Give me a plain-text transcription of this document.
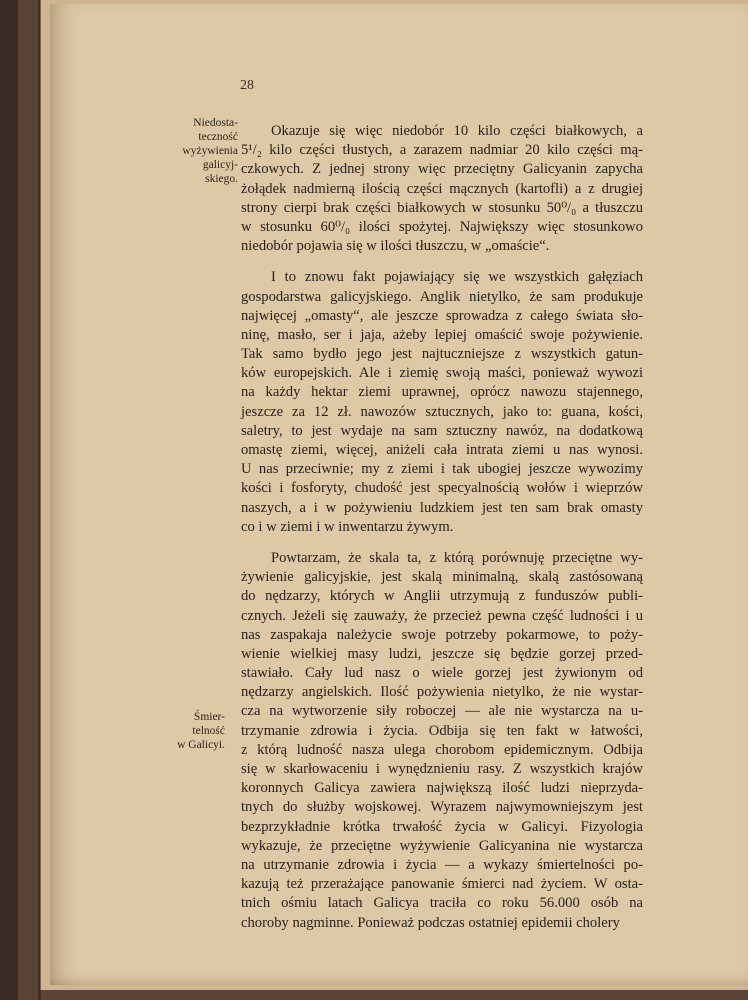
28
Niedosta-
teczność
wyżywienia
galicyj-
skiego.
Śmier-
telność
w Galicyi.
Okazuje się więc niedobór 10 kilo części białkowych, a
5¹/₂ kilo części tłustych, a zarazem nadmiar 20 kilo części mą-
czkowych. Z jednej strony więc przeciętny Galicyanin zapycha
żołądek nadmierną ilością części mącznych (kartofli) a z drugiej
strony cierpi brak części białkowych w stosunku 50⁰/₀ a tłuszczu
w stosunku 60⁰/₀ ilości spożytej. Największy więc stosunkowo
niedobór pojawia się w ilości tłuszczu, w „omaście“.
I to znowu fakt pojawiający się we wszystkich gałęziach
gospodarstwa galicyjskiego. Anglik nietylko, że sam produkuje
najwięcej „omasty“, ale jeszcze sprowadza z całego świata sło-
ninę, masło, ser i jaja, ażeby lepiej omaścić swoje pożywienie.
Tak samo bydło jego jest najtuczniejsze z wszystkich gatun-
ków europejskich. Ale i ziemię swoją maści, ponieważ wywozi
na każdy hektar ziemi uprawnej, oprócz nawozu stajennego,
jeszcze za 12 zł. nawozów sztucznych, jako to: guana, kości,
saletry, to jest wydaje na sam sztuczny nawóz, na dodatkową
omastę ziemi, więcej, aniżeli cała intrata ziemi u nas wynosi.
U nas przeciwnie; my z ziemi i tak ubogiej jeszcze wywozimy
kości i fosforyty, chudość jest specyalnością wołów i wieprzów
naszych, a i w pożywieniu ludzkiem jest ten sam brak omasty
co i w ziemi i w inwentarzu żywym.
Powtarzam, że skala ta, z którą porównuję przeciętne wy-
żywienie galicyjskie, jest skalą minimalną, skalą zastósowaną
do nędzarzy, których w Anglii utrzymują z funduszów publi-
cznych. Jeżeli się zauważy, że przecież pewna część ludności i u
nas zaspakaja należycie swoje potrzeby pokarmowe, to poży-
wienie wielkiej masy ludzi, jeszcze się będzie gorzej przed-
stawiało. Cały lud nasz o wiele gorzej jest żywionym od
nędzarzy angielskich. Ilość pożywienia nietylko, że nie wystar-
cza na wytworzenie siły roboczej — ale nie wystarcza na u-
trzymanie zdrowia i życia. Odbija się ten fakt w łatwości,
z którą ludność nasza ulega chorobom epidemicznym. Odbija
się w skarłowaceniu i wynędznieniu rasy. Z wszystkich krajów
koronnych Galicya zawiera największą ilość ludzi nieprzyda-
tnych do służby wojskowej. Wyrazem najwymowniejszym jest
bezprzykładnie krótka trwałość życia w Galicyi. Fizyologia
wykazuje, że przeciętne wyżywienie Galicyanina nie wystarcza
na utrzymanie zdrowia i życia — a wykazy śmiertelności po-
kazują też przerażające panowanie śmierci nad życiem. W osta-
tnich ośmiu latach Galicya traciła co roku 56.000 osób na
choroby nagminne. Ponieważ podczas ostatniej epidemii cholery
